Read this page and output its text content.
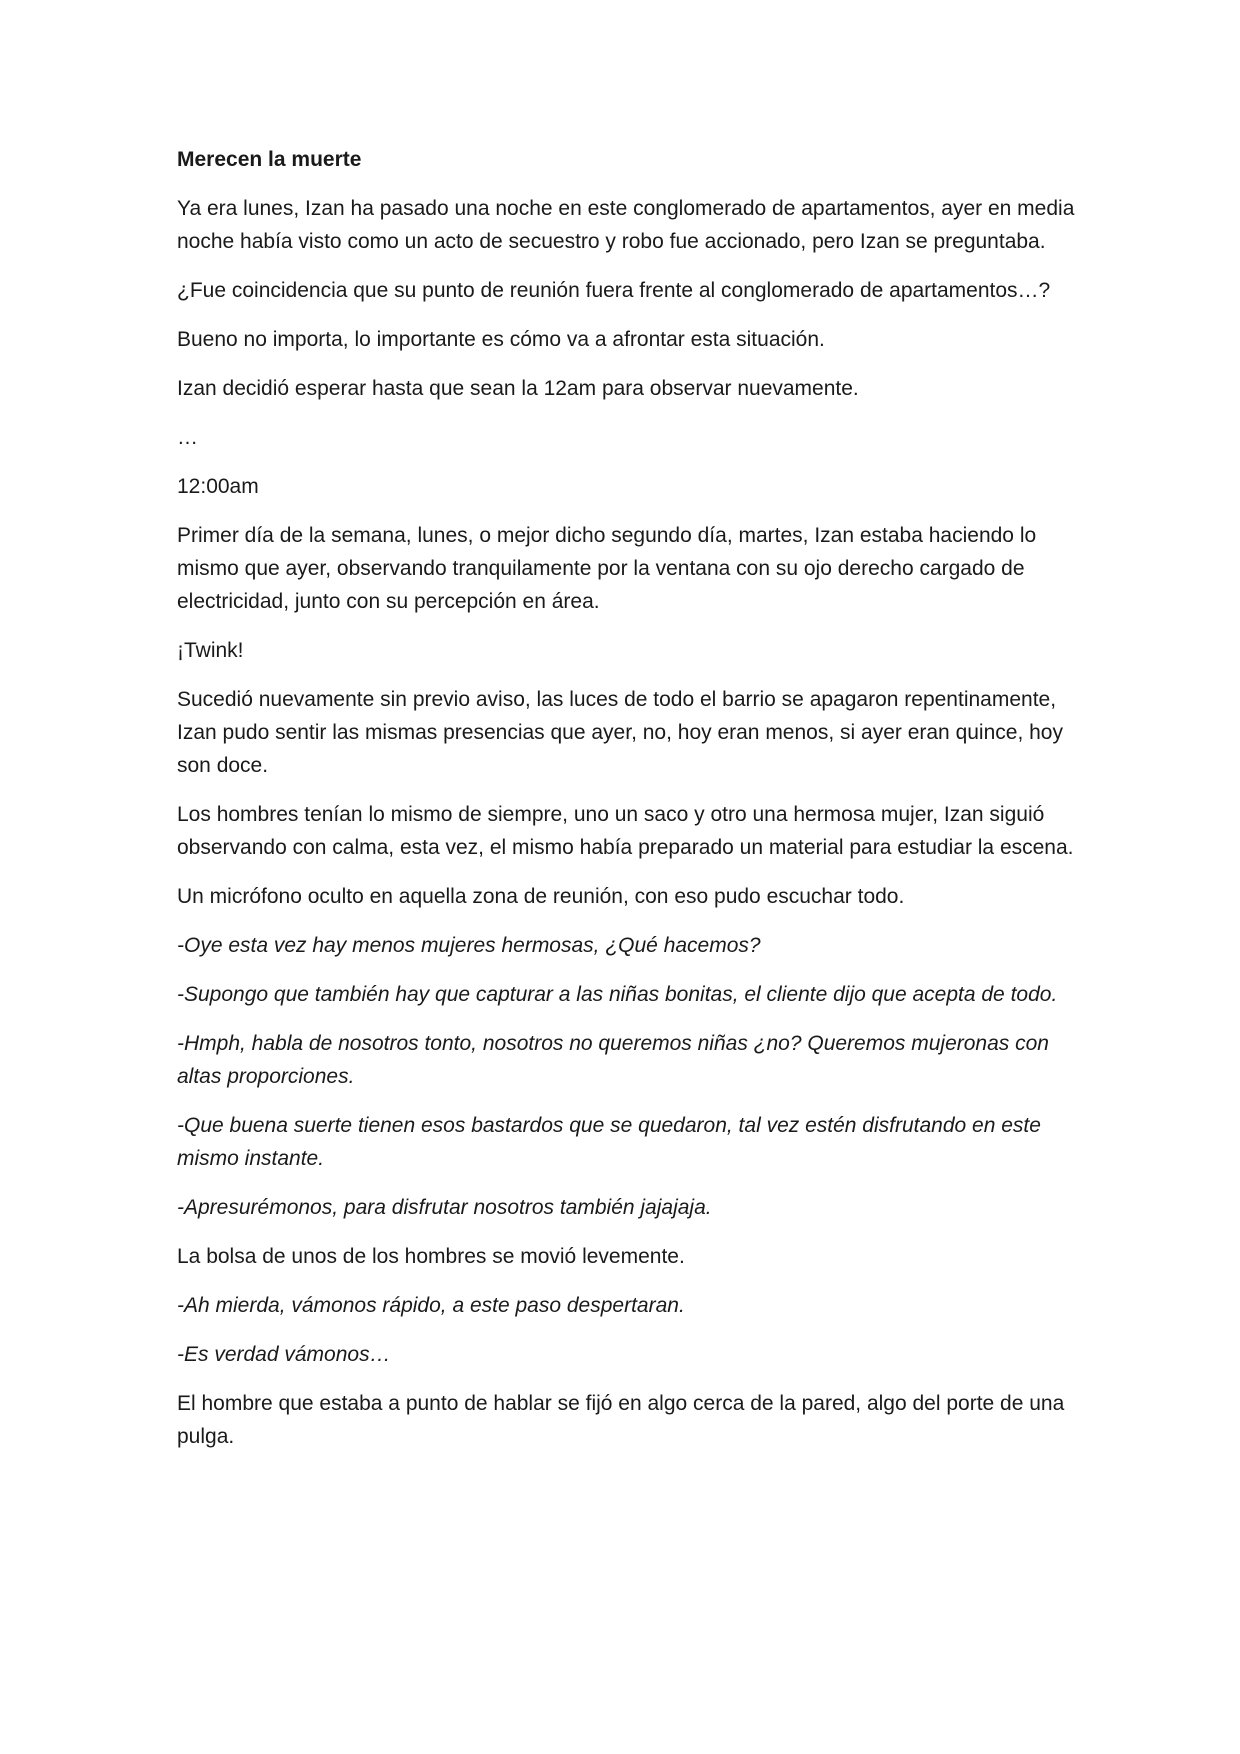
Merecen la muerte

Ya era lunes, Izan ha pasado una noche en este conglomerado de apartamentos, ayer en media noche había visto como un acto de secuestro y robo fue accionado, pero Izan se preguntaba.

¿Fue coincidencia que su punto de reunión fuera frente al conglomerado de apartamentos…?

Bueno no importa, lo importante es cómo va a afrontar esta situación.

Izan decidió esperar hasta que sean la 12am para observar nuevamente.

…

12:00am

Primer día de la semana, lunes, o mejor dicho segundo día, martes, Izan estaba haciendo lo mismo que ayer, observando tranquilamente por la ventana con su ojo derecho cargado de electricidad, junto con su percepción en área.

¡Twink!

Sucedió nuevamente sin previo aviso, las luces de todo el barrio se apagaron repentinamente, Izan pudo sentir las mismas presencias que ayer, no, hoy eran menos, si ayer eran quince, hoy son doce.

Los hombres tenían lo mismo de siempre, uno un saco y otro una hermosa mujer, Izan siguió observando con calma, esta vez, el mismo había preparado un material para estudiar la escena.

Un micrófono oculto en aquella zona de reunión, con eso pudo escuchar todo.

-Oye esta vez hay menos mujeres hermosas, ¿Qué hacemos?

-Supongo que también hay que capturar a las niñas bonitas, el cliente dijo que acepta de todo.

-Hmph, habla de nosotros tonto, nosotros no queremos niñas ¿no? Queremos mujeronas con altas proporciones.

-Que buena suerte tienen esos bastardos que se quedaron, tal vez estén disfrutando en este mismo instante.

-Apresurémonos, para disfrutar nosotros también jajajaja.

La bolsa de unos de los hombres se movió levemente.

-Ah mierda, vámonos rápido, a este paso despertaran.

-Es verdad vámonos…

El hombre que estaba a punto de hablar se fijó en algo cerca de la pared, algo del porte de una pulga.
